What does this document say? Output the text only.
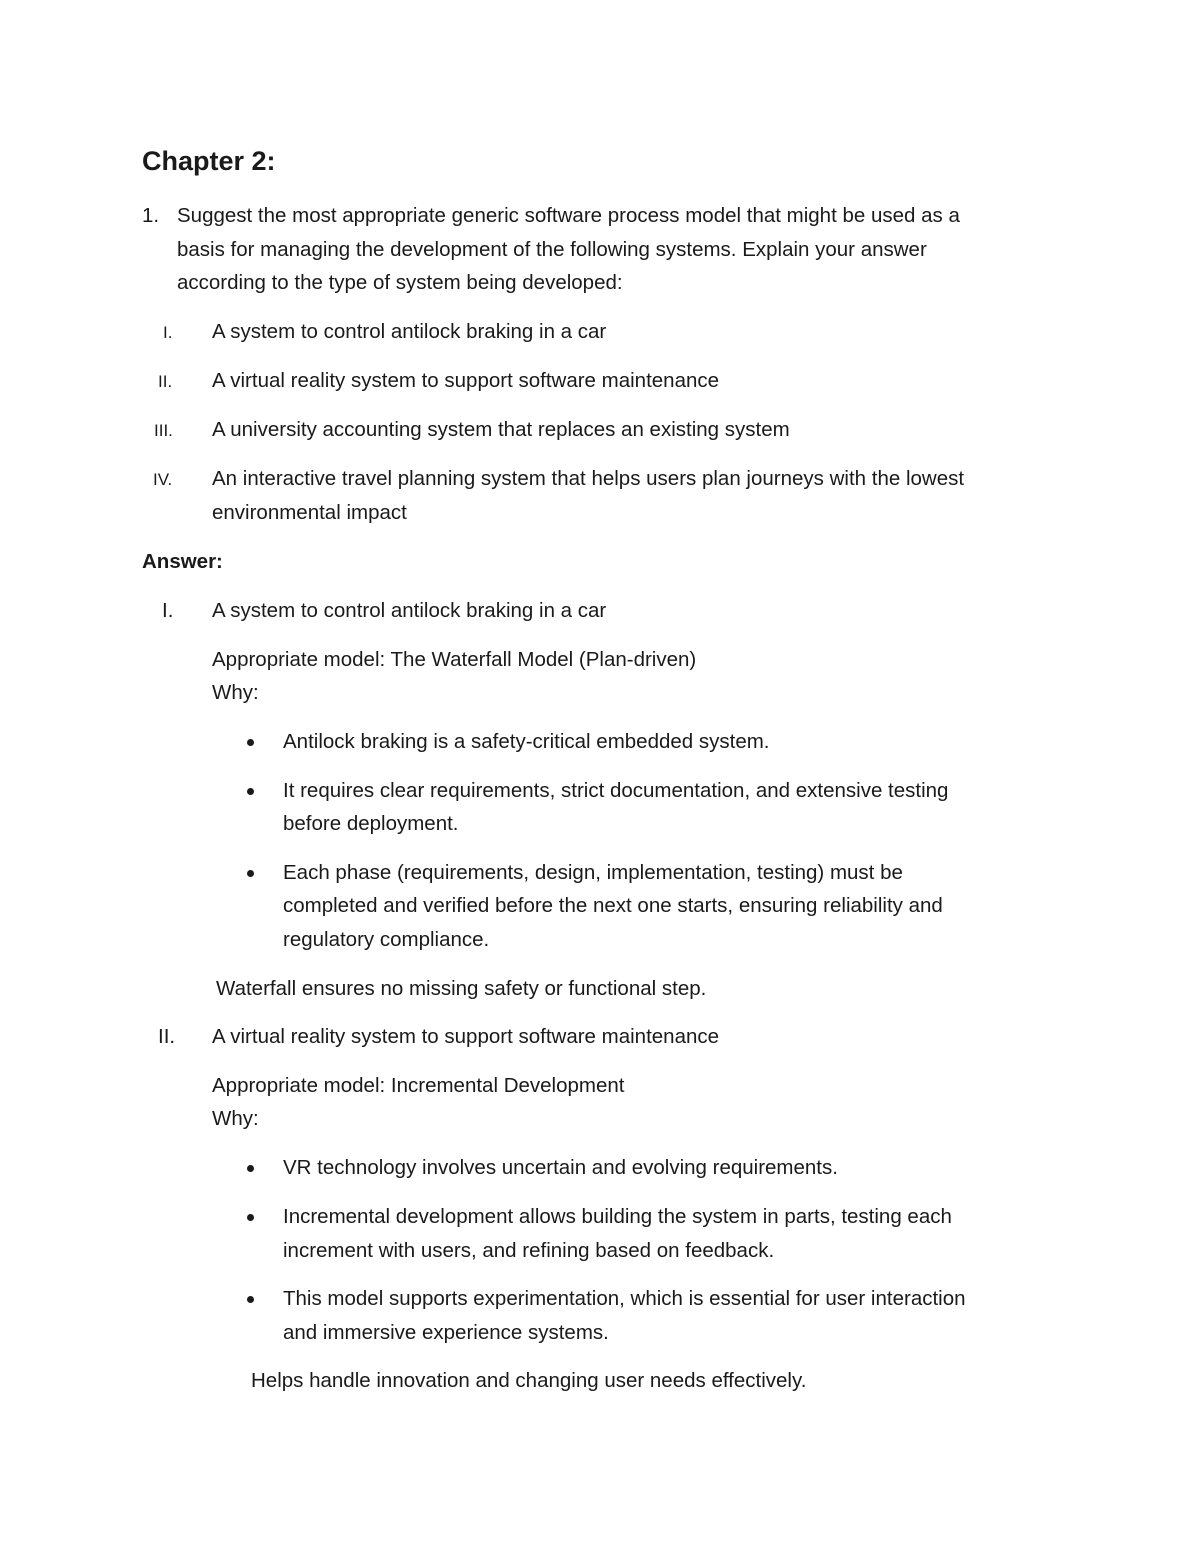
Chapter 2:
1. Suggest the most appropriate generic software process model that might be used as a
basis for managing the development of the following systems. Explain your answer
according to the type of system being developed:
I. A system to control antilock braking in a car
II. A virtual reality system to support software maintenance
III. A university accounting system that replaces an existing system
IV. An interactive travel planning system that helps users plan journeys with the lowest
environmental impact
Answer:
I. A system to control antilock braking in a car
Appropriate model: The Waterfall Model (Plan-driven)
Why:
Antilock braking is a safety-critical embedded system.
It requires clear requirements, strict documentation, and extensive testing
before deployment.
Each phase (requirements, design, implementation, testing) must be
completed and verified before the next one starts, ensuring reliability and
regulatory compliance.
Waterfall ensures no missing safety or functional step.
II. A virtual reality system to support software maintenance
Appropriate model: Incremental Development
Why:
VR technology involves uncertain and evolving requirements.
Incremental development allows building the system in parts, testing each
increment with users, and refining based on feedback.
This model supports experimentation, which is essential for user interaction
and immersive experience systems.
Helps handle innovation and changing user needs effectively.
